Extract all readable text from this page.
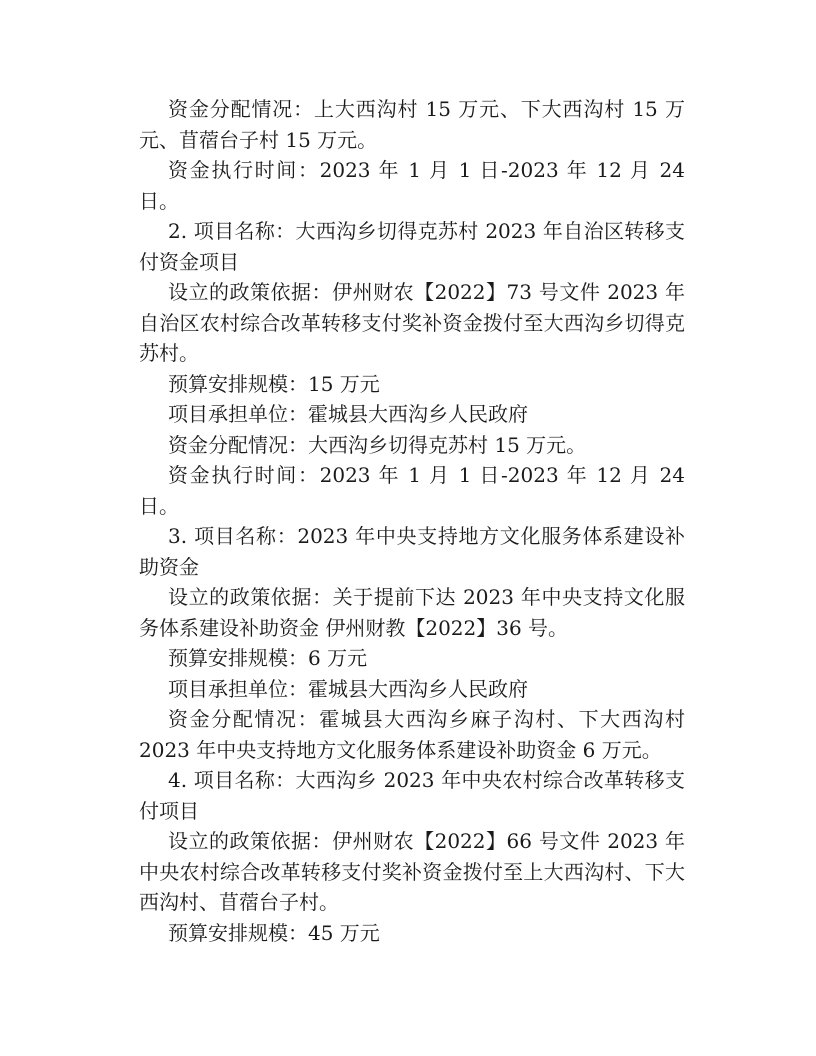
资金分配情况：上大西沟村 15 万元、下大西沟村 15 万元、苜蓿台子村 15 万元。

资金执行时间：2023 年 1 月 1 日-2023 年 12 月 24 日。

2. 项目名称：大西沟乡切得克苏村 2023 年自治区转移支付资金项目

设立的政策依据：伊州财农【2022】73 号文件 2023 年自治区农村综合改革转移支付奖补资金拨付至大西沟乡切得克苏村。

预算安排规模：15 万元

项目承担单位：霍城县大西沟乡人民政府

资金分配情况：大西沟乡切得克苏村 15 万元。

资金执行时间：2023 年 1 月 1 日-2023 年 12 月 24 日。

3. 项目名称：2023 年中央支持地方文化服务体系建设补助资金

设立的政策依据：关于提前下达 2023 年中央支持文化服务体系建设补助资金 伊州财教【2022】36 号。

预算安排规模：6 万元

项目承担单位：霍城县大西沟乡人民政府

资金分配情况：霍城县大西沟乡麻子沟村、下大西沟村 2023 年中央支持地方文化服务体系建设补助资金 6 万元。

4. 项目名称：大西沟乡 2023 年中央农村综合改革转移支付项目

设立的政策依据：伊州财农【2022】66 号文件 2023 年中央农村综合改革转移支付奖补资金拨付至上大西沟村、下大西沟村、苜蓿台子村。

预算安排规模：45 万元
